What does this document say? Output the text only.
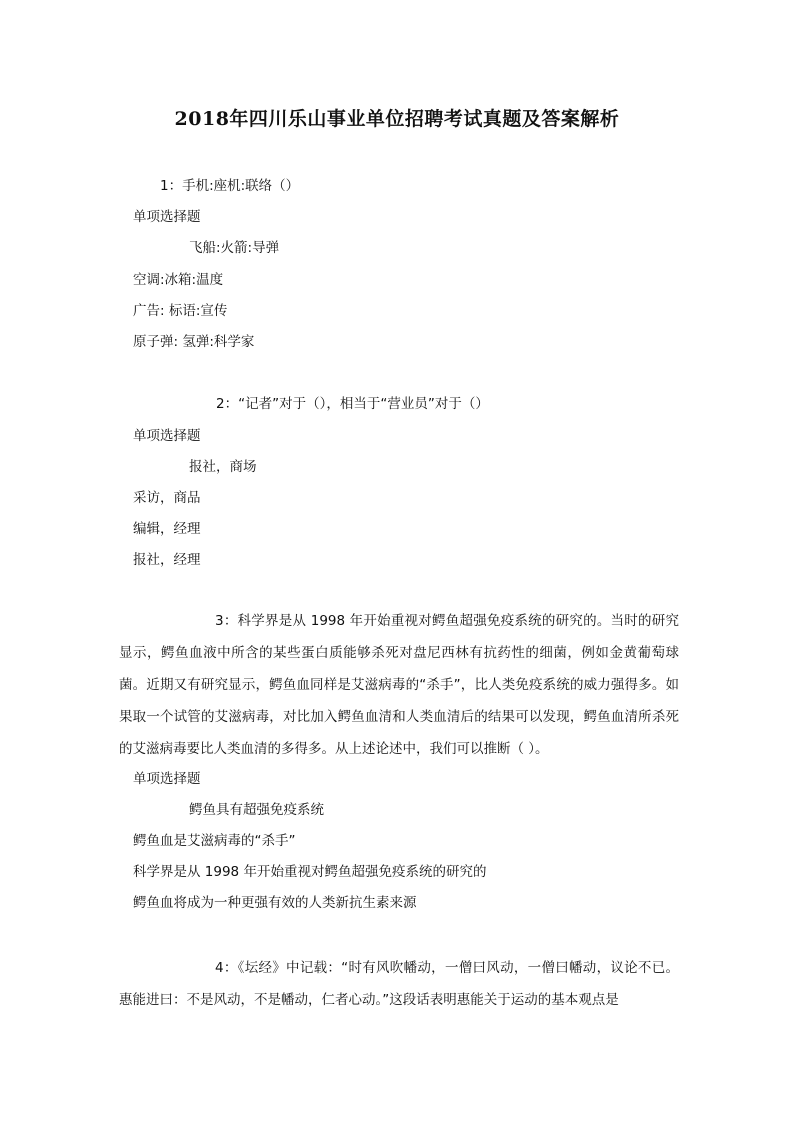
2018年四川乐山事业单位招聘考试真题及答案解析
1：手机:座机:联络（）
单项选择题
飞船:火箭:导弹
空调:冰箱:温度
广告: 标语:宣传
原子弹: 氢弹:科学家
2：“记者”对于（），相当于“营业员”对于（）
单项选择题
报社，商场
采访，商品
编辑，经理
报社，经理
3：科学界是从 1998 年开始重视对鳄鱼超强免疫系统的研究的。当时的研究显示，鳄鱼血液中所含的某些蛋白质能够杀死对盘尼西林有抗药性的细菌，例如金黄葡萄球菌。近期又有研究显示，鳄鱼血同样是艾滋病毒的“杀手”，比人类免疫系统的威力强得多。如果取一个试管的艾滋病毒，对比加入鳄鱼血清和人类血清后的结果可以发现，鳄鱼血清所杀死的艾滋病毒要比人类血清的多得多。从上述论述中，我们可以推断（ ）。
单项选择题
鳄鱼具有超强免疫系统
鳄鱼血是艾滋病毒的“杀手”
科学界是从 1998 年开始重视对鳄鱼超强免疫系统的研究的
鳄鱼血将成为一种更强有效的人类新抗生素来源
4：《坛经》中记载：“时有风吹幡动，一僧曰风动，一僧曰幡动，议论不已。惠能进曰：不是风动，不是幡动，仁者心动。”这段话表明惠能关于运动的基本观点是
